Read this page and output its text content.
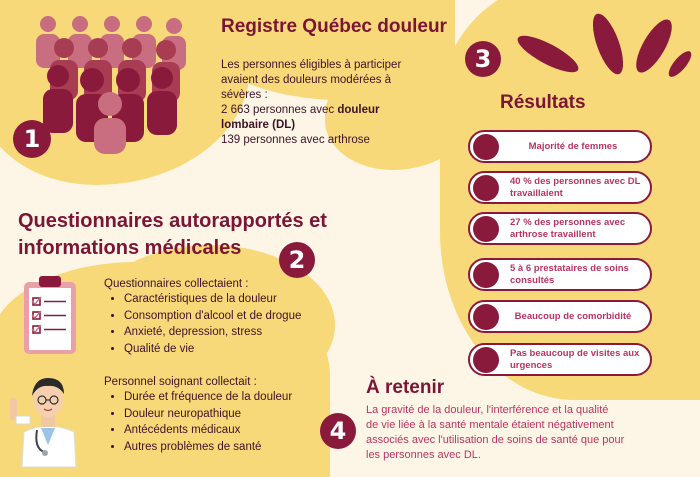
1
2
3
4
Registre Québec douleur
Les personnes éligibles à participer
avaient des douleurs modérées à
sévères :
2 663 personnes avec douleur
lombaire (DL)
139 personnes avec arthrose
Questionnaires autorapportés et
informations médicales
Questionnaires collectaient :
• Caractéristiques de la douleur
• Consomption d'alcool et de drogue
• Anxieté, depression, stress
• Qualité de vie
Personnel soignant collectait :
• Durée et fréquence de la douleur
• Douleur neuropathique
• Antécédents médicaux
• Autres problèmes de santé
Résultats
Majorité de femmes
40 % des personnes avec DL travaillaient
27 % des personnes avec arthrose travaillent
5 à 6 prestataires de soins consultés
Beaucoup de comorbidité
Pas beaucoup de visites aux urgences
À retenir
La gravité de la douleur, l'interférence et la qualité
de vie liée à la santé mentale étaient négativement
associés avec l'utilisation de soins de santé que pour
les personnes avec DL.
